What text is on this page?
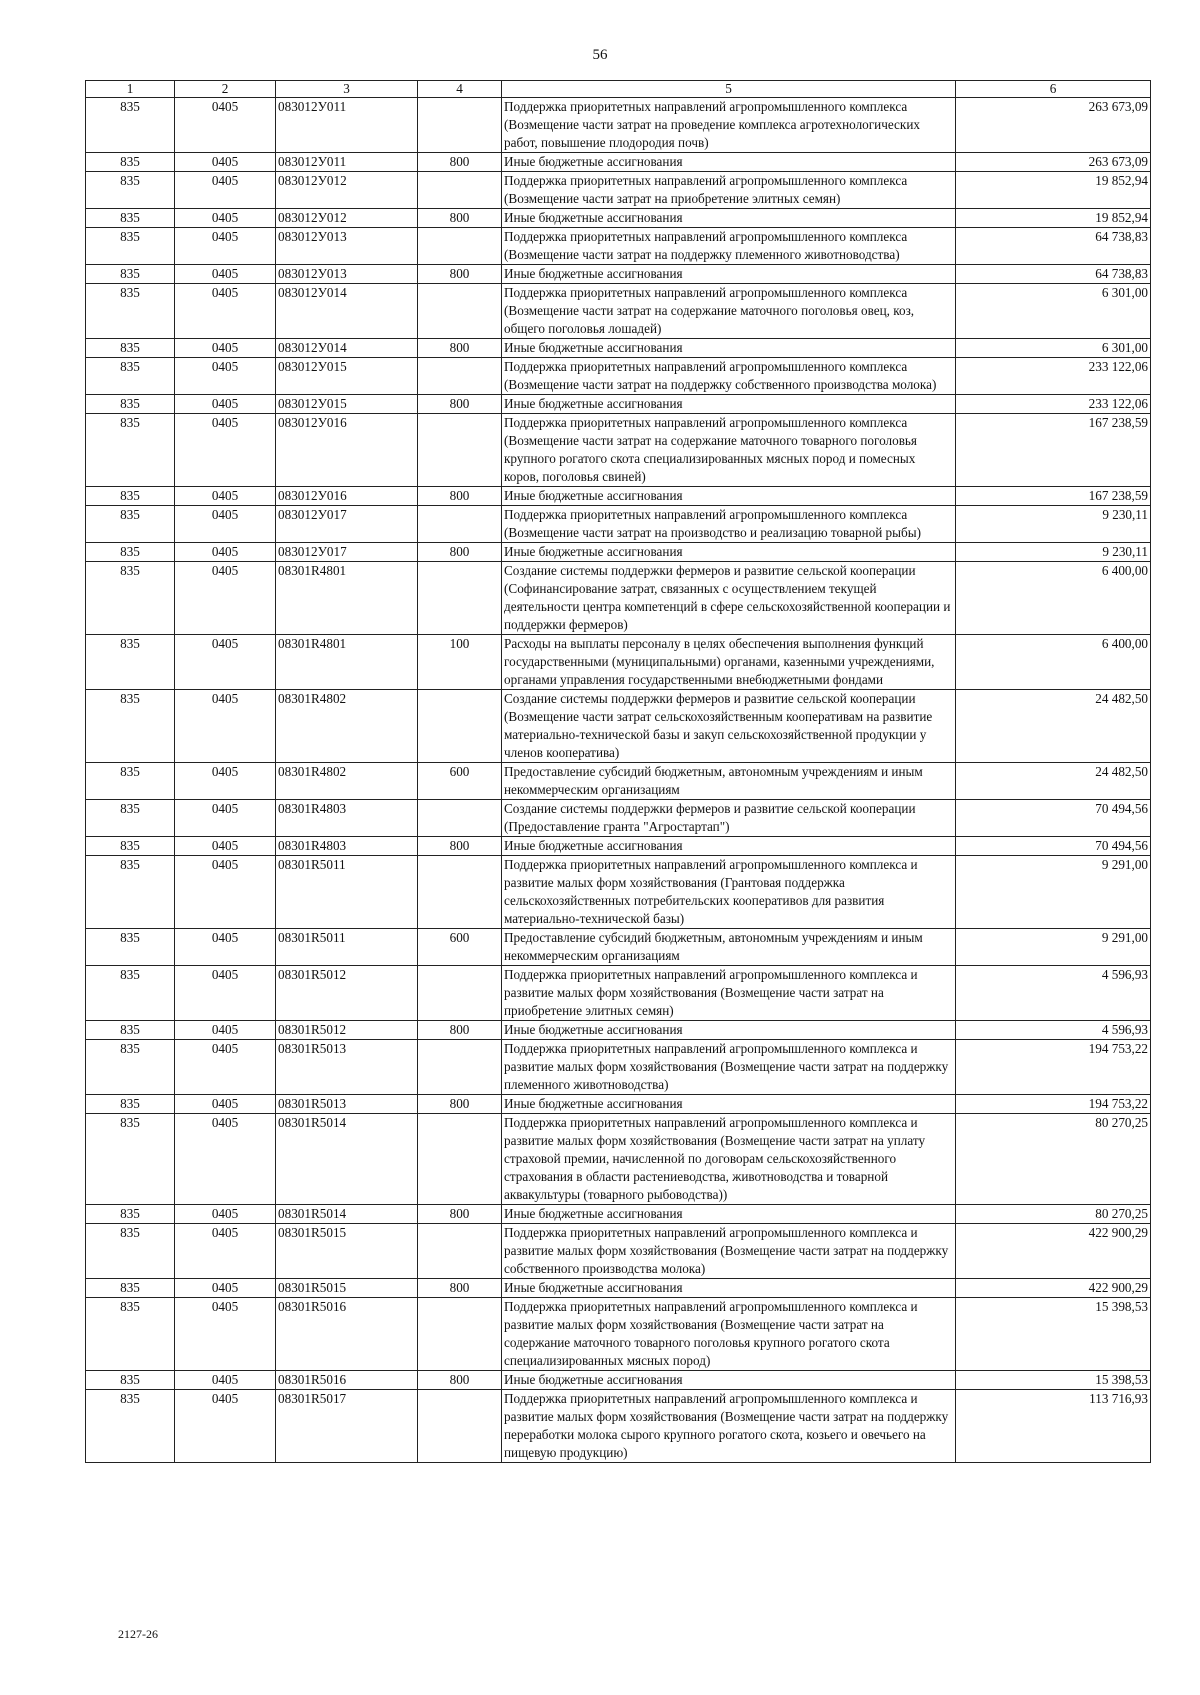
56
1	2	3	4	5	6
835	0405	083012У011		Поддержка приоритетных направлений агропромышленного комплекса (Возмещение части затрат на проведение комплекса агротехнологических работ, повышение плодородия почв)	263 673,09
835	0405	083012У011	800	Иные бюджетные ассигнования	263 673,09
835	0405	083012У012		Поддержка приоритетных направлений агропромышленного комплекса (Возмещение части затрат на приобретение элитных семян)	19 852,94
835	0405	083012У012	800	Иные бюджетные ассигнования	19 852,94
835	0405	083012У013		Поддержка приоритетных направлений агропромышленного комплекса (Возмещение части затрат на поддержку племенного животноводства)	64 738,83
835	0405	083012У013	800	Иные бюджетные ассигнования	64 738,83
835	0405	083012У014		Поддержка приоритетных направлений агропромышленного комплекса (Возмещение части затрат на содержание маточного поголовья овец, коз, общего поголовья лошадей)	6 301,00
835	0405	083012У014	800	Иные бюджетные ассигнования	6 301,00
835	0405	083012У015		Поддержка приоритетных направлений агропромышленного комплекса (Возмещение части затрат на поддержку собственного производства молока)	233 122,06
835	0405	083012У015	800	Иные бюджетные ассигнования	233 122,06
835	0405	083012У016		Поддержка приоритетных направлений агропромышленного комплекса (Возмещение части затрат на содержание маточного товарного поголовья крупного рогатого скота специализированных мясных пород и помесных коров, поголовья свиней)	167 238,59
835	0405	083012У016	800	Иные бюджетные ассигнования	167 238,59
835	0405	083012У017		Поддержка приоритетных направлений агропромышленного комплекса (Возмещение части затрат на производство и реализацию товарной рыбы)	9 230,11
835	0405	083012У017	800	Иные бюджетные ассигнования	9 230,11
835	0405	08301R4801		Создание системы поддержки фермеров и развитие сельской кооперации (Софинансирование затрат, связанных с осуществлением текущей деятельности центра компетенций в сфере сельскохозяйственной кооперации и поддержки фермеров)	6 400,00
835	0405	08301R4801	100	Расходы на выплаты персоналу в целях обеспечения выполнения функций государственными (муниципальными) органами, казенными учреждениями, органами управления государственными внебюджетными фондами	6 400,00
835	0405	08301R4802		Создание системы поддержки фермеров и развитие сельской кооперации (Возмещение части затрат сельскохозяйственным кооперативам на развитие материально-технической базы и закуп сельскохозяйственной продукции у членов кооператива)	24 482,50
835	0405	08301R4802	600	Предоставление субсидий бюджетным, автономным учреждениям и иным некоммерческим организациям	24 482,50
835	0405	08301R4803		Создание системы поддержки фермеров и развитие сельской кооперации (Предоставление гранта "Агростартап")	70 494,56
835	0405	08301R4803	800	Иные бюджетные ассигнования	70 494,56
835	0405	08301R5011		Поддержка приоритетных направлений агропромышленного комплекса и развитие малых форм хозяйствования (Грантовая поддержка сельскохозяйственных потребительских кооперативов для развития материально-технической базы)	9 291,00
835	0405	08301R5011	600	Предоставление субсидий бюджетным, автономным учреждениям и иным некоммерческим организациям	9 291,00
835	0405	08301R5012		Поддержка приоритетных направлений агропромышленного комплекса и развитие малых форм хозяйствования (Возмещение части затрат на приобретение элитных семян)	4 596,93
835	0405	08301R5012	800	Иные бюджетные ассигнования	4 596,93
835	0405	08301R5013		Поддержка приоритетных направлений агропромышленного комплекса и развитие малых форм хозяйствования (Возмещение части затрат на поддержку племенного животноводства)	194 753,22
835	0405	08301R5013	800	Иные бюджетные ассигнования	194 753,22
835	0405	08301R5014		Поддержка приоритетных направлений агропромышленного комплекса и развитие малых форм хозяйствования (Возмещение части затрат на уплату страховой премии, начисленной по договорам сельскохозяйственного страхования в области растениеводства, животноводства и товарной аквакультуры (товарного рыбоводства))	80 270,25
835	0405	08301R5014	800	Иные бюджетные ассигнования	80 270,25
835	0405	08301R5015		Поддержка приоритетных направлений агропромышленного комплекса и развитие малых форм хозяйствования (Возмещение части затрат на поддержку собственного производства молока)	422 900,29
835	0405	08301R5015	800	Иные бюджетные ассигнования	422 900,29
835	0405	08301R5016		Поддержка приоритетных направлений агропромышленного комплекса и развитие малых форм хозяйствования (Возмещение части затрат на содержание маточного товарного поголовья крупного рогатого скота специализированных мясных пород)	15 398,53
835	0405	08301R5016	800	Иные бюджетные ассигнования	15 398,53
835	0405	08301R5017		Поддержка приоритетных направлений агропромышленного комплекса и развитие малых форм хозяйствования (Возмещение части затрат на поддержку переработки молока сырого крупного рогатого скота, козьего и овечьего на пищевую продукцию)	113 716,93
2127-26
